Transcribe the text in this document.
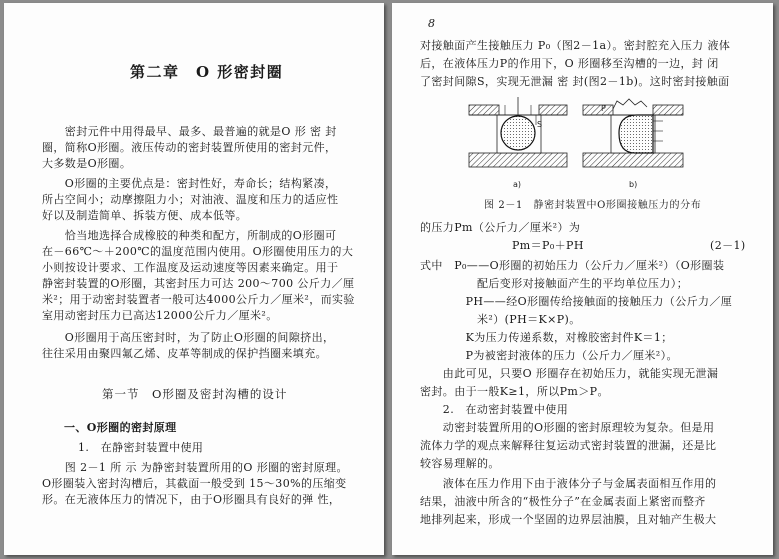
第二章　O 形密封圈
　　密封元件中用得最早、最多、最普遍的就是O 形 密 封
圈，简称O形圈。液压传动的密封装置所使用的密封元件，
大多数是O形圈。
　　O形圈的主要优点是：密封性好，寿命长；结构紧凑，
所占空间小；动摩擦阻力小；对油液、温度和压力的适应性
好以及制造简单、拆装方便、成本低等。
　　恰当地选择合成橡胶的种类和配方，所制成的O形圈可
在－66℃～＋200℃的温度范围内使用。O形圈使用压力的大
小则按设计要求、工作温度及运动速度等因素来确定。用于
静密封装置的O形圈，其密封压力可达 200～700 公斤力／厘
米²；用于动密封装置者一般可达4000公斤力／厘米²，而实验
室用动密封压力已高达12000公斤力／厘米²。
　　O形圈用于高压密封时，为了防止O形圈的间隙挤出，
往往采用由聚四氟乙烯、皮革等制成的保护挡圈来填充。
第一节　O形圈及密封沟槽的设计
一、O形圈的密封原理
1.　在静密封装置中使用
　　图 2－1 所 示 为静密封装置所用的O 形圈的密封原理。
O形圈装入密封沟槽后，其截面一般受到 15～30%的压缩变
形。在无液体压力的情况下，由于O形圈具有良好的弹 性，
8
对接触面产生接触压力 P₀（图2－1a）。密封腔充入压力 液体
后，在液体压力P的作用下，O 形圈移至沟槽的一边，封 闭
了密封间隙S，实现无泄漏 密 封(图2－1b)。这时密封接触面
S
a)
P
b)
图 2－1　静密封装置中O形圈接触压力的分布
的压力Pm（公斤力／厘米²）为
Pm＝P₀＋PH	(2－1)
式中　P₀——O形圈的初始压力（公斤力／厘米²）（O形圈装
　　　　　配后变形对接触面产生的平均单位压力）；
　　　　PH——经O形圈传给接触面的接触压力（公斤力／厘
　　　　　米²）(PH＝K×P)。
　　　　K为压力传递系数，对橡胶密封件K＝1；
　　　　P为被密封液体的压力（公斤力／厘米²）。
　　由此可见，只要O 形圈存在初始压力，就能实现无泄漏
密封。由于一般K≥1，所以Pm＞P。
　　2.　在动密封装置中使用
　　动密封装置所用的O形圈的密封原理较为复杂。但是用
流体力学的观点来解释往复运动式密封装置的泄漏，还是比
较容易理解的。
　　液体在压力作用下由于液体分子与金属表面相互作用的
结果，油液中所含的“极性分子”在金属表面上紧密而整齐
地排列起来，形成一个坚固的边界层油膜，且对轴产生极大
